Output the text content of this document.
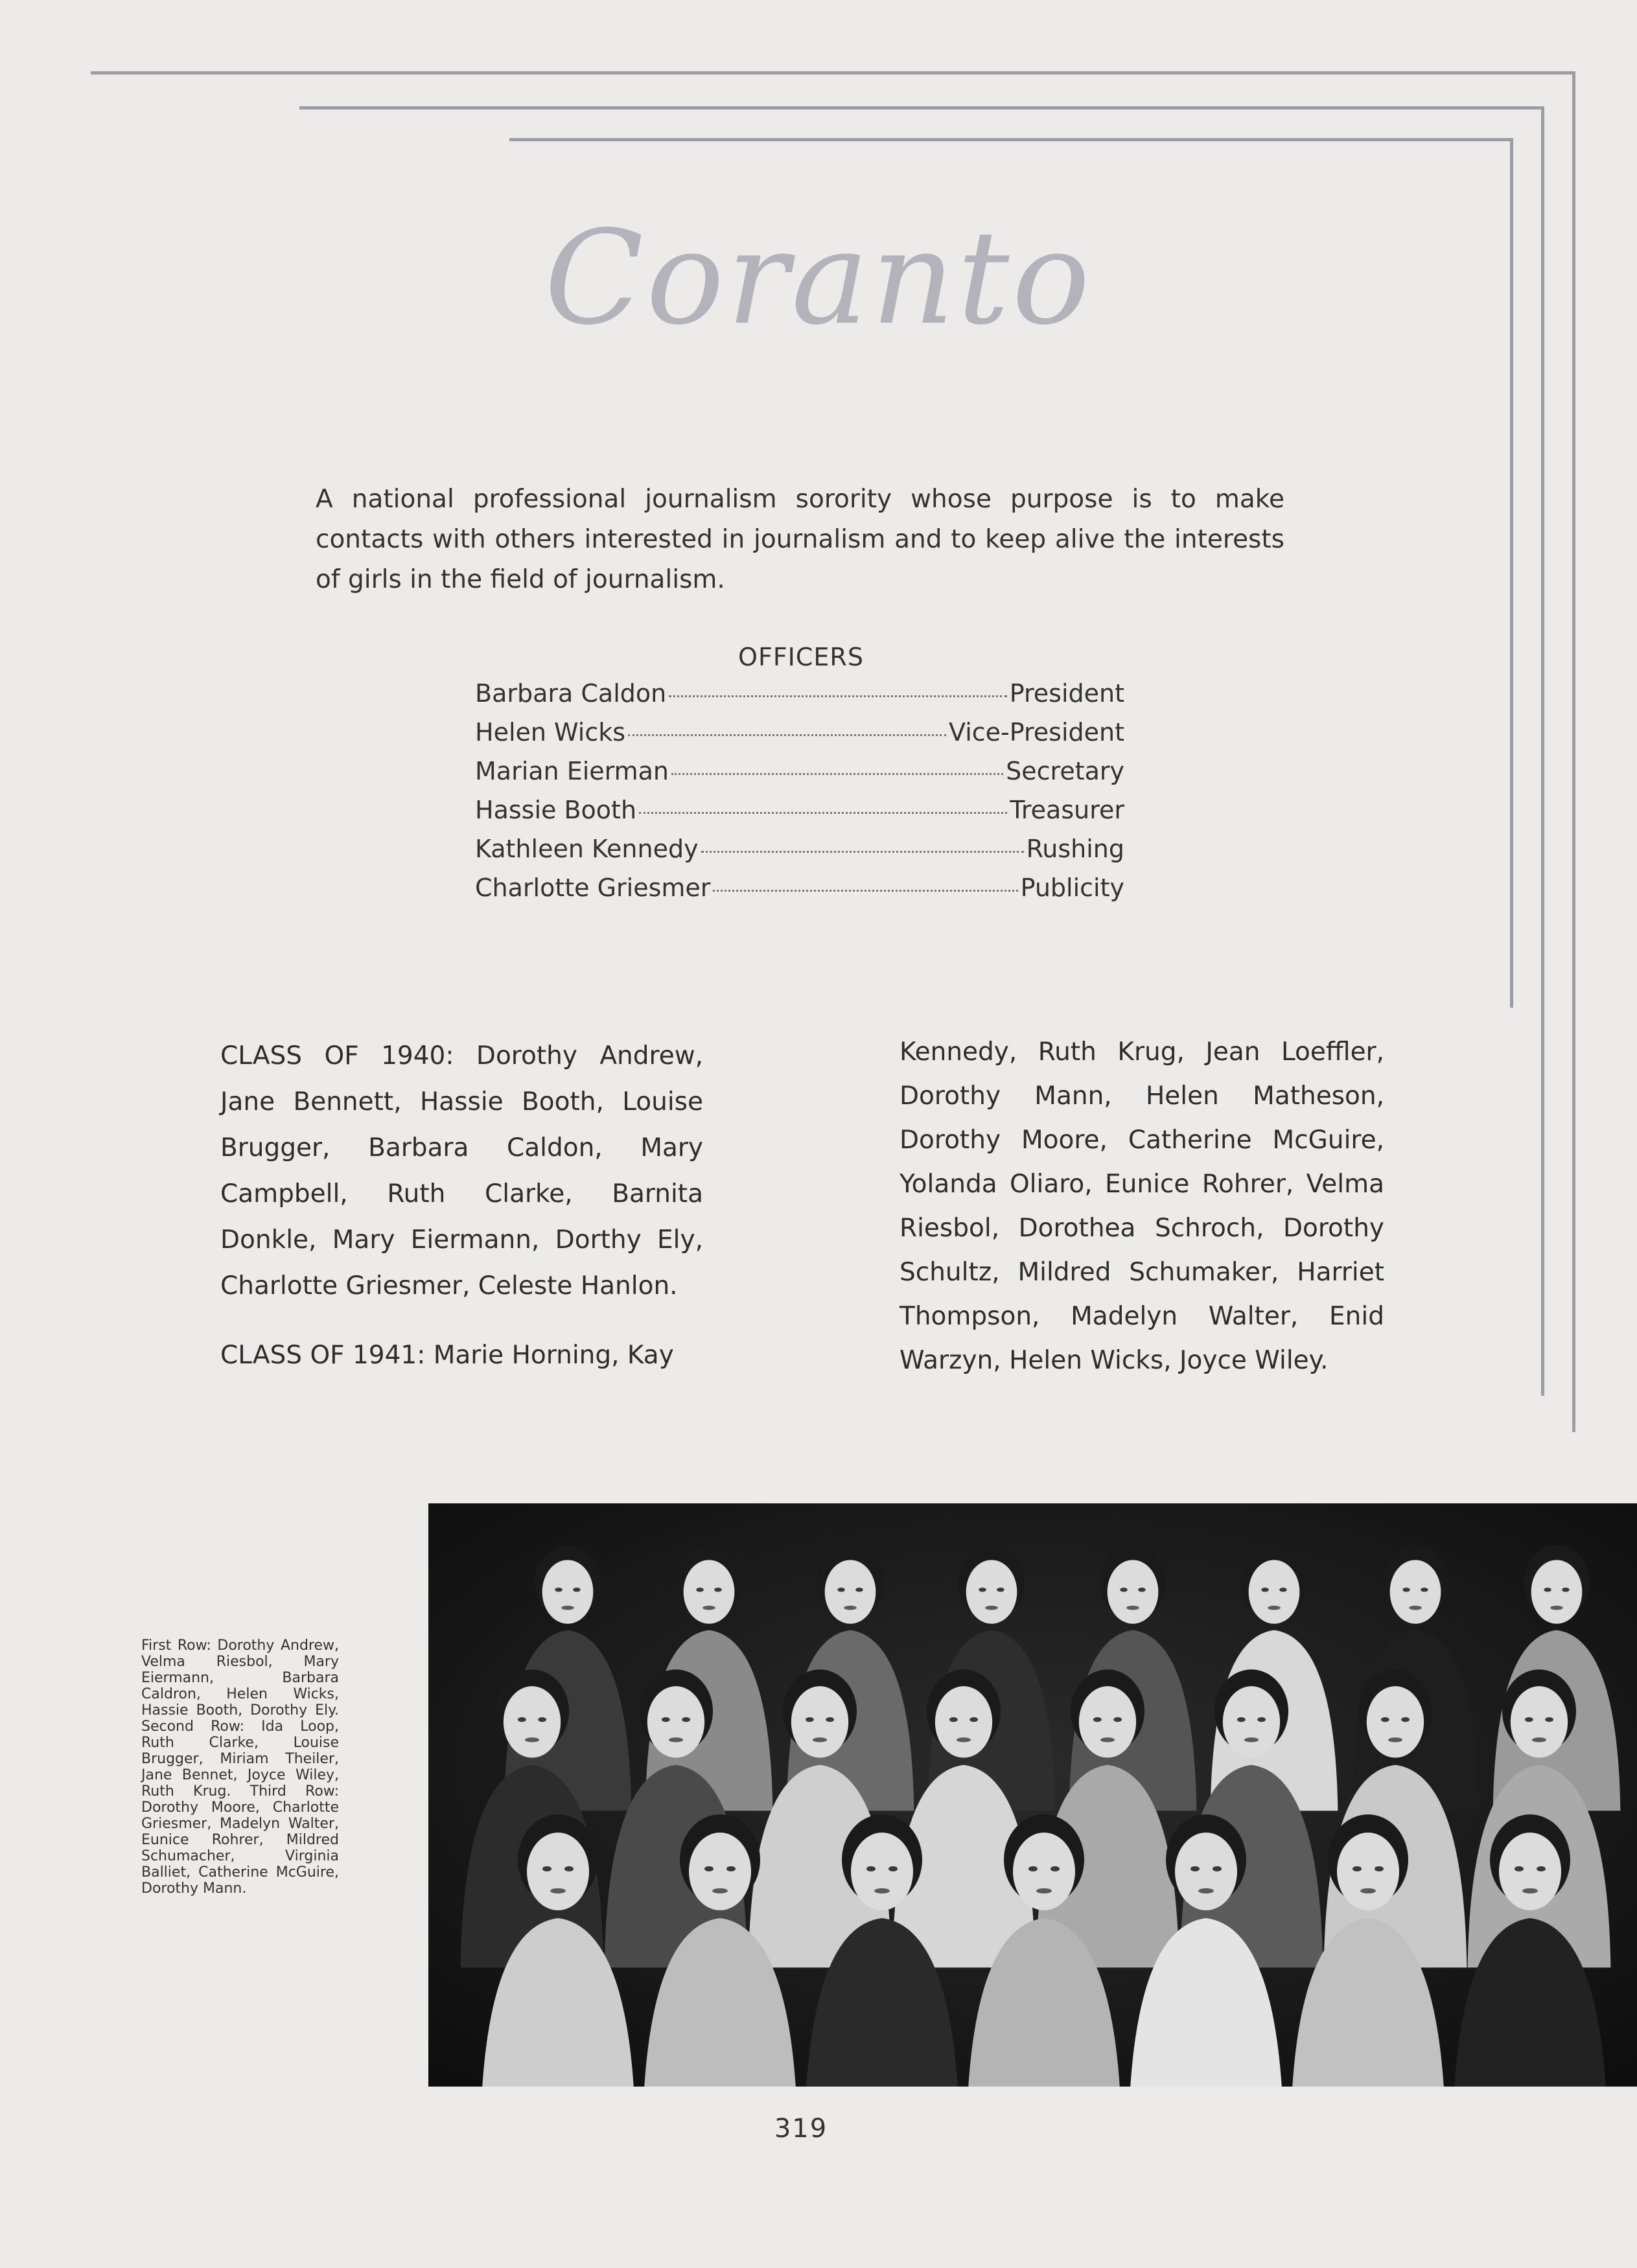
Coranto
A national professional journalism sorority whose purpose is to make contacts with others interested in journalism and to keep alive the interests of girls in the field of journalism.
OFFICERS
Barbara Caldon	President
Helen Wicks	Vice-President
Marian Eierman	Secretary
Hassie Booth	Treasurer
Kathleen Kennedy	Rushing
Charlotte Griesmer	Publicity

CLASS OF 1940: Dorothy Andrew, Jane Bennett, Hassie Booth, Louise Brugger, Barbara Caldon, Mary Campbell, Ruth Clarke, Barnita Donkle, Mary Eiermann, Dorthy Ely, Charlotte Griesmer, Celeste Hanlon.

CLASS OF 1941: Marie Horning, Kay

Kennedy, Ruth Krug, Jean Loeffler, Dorothy Mann, Helen Matheson, Dorothy Moore, Catherine McGuire, Yolanda Oliaro, Eunice Rohrer, Velma Riesbol, Dorothea Schroch, Dorothy Schultz, Mildred Schumaker, Harriet Thompson, Madelyn Walter, Enid Warzyn, Helen Wicks, Joyce Wiley.

First Row: Dorothy Andrew, Velma Riesbol, Mary Eiermann, Barbara Caldron, Helen Wicks, Hassie Booth, Dorothy Ely. Second Row: Ida Loop, Ruth Clarke, Louise Brugger, Miriam Theiler, Jane Bennet, Joyce Wiley, Ruth Krug. Third Row: Dorothy Moore, Charlotte Griesmer, Madelyn Walter, Eunice Rohrer, Mildred Schumacher, Virginia Balliet, Catherine McGuire, Dorothy Mann.
319
